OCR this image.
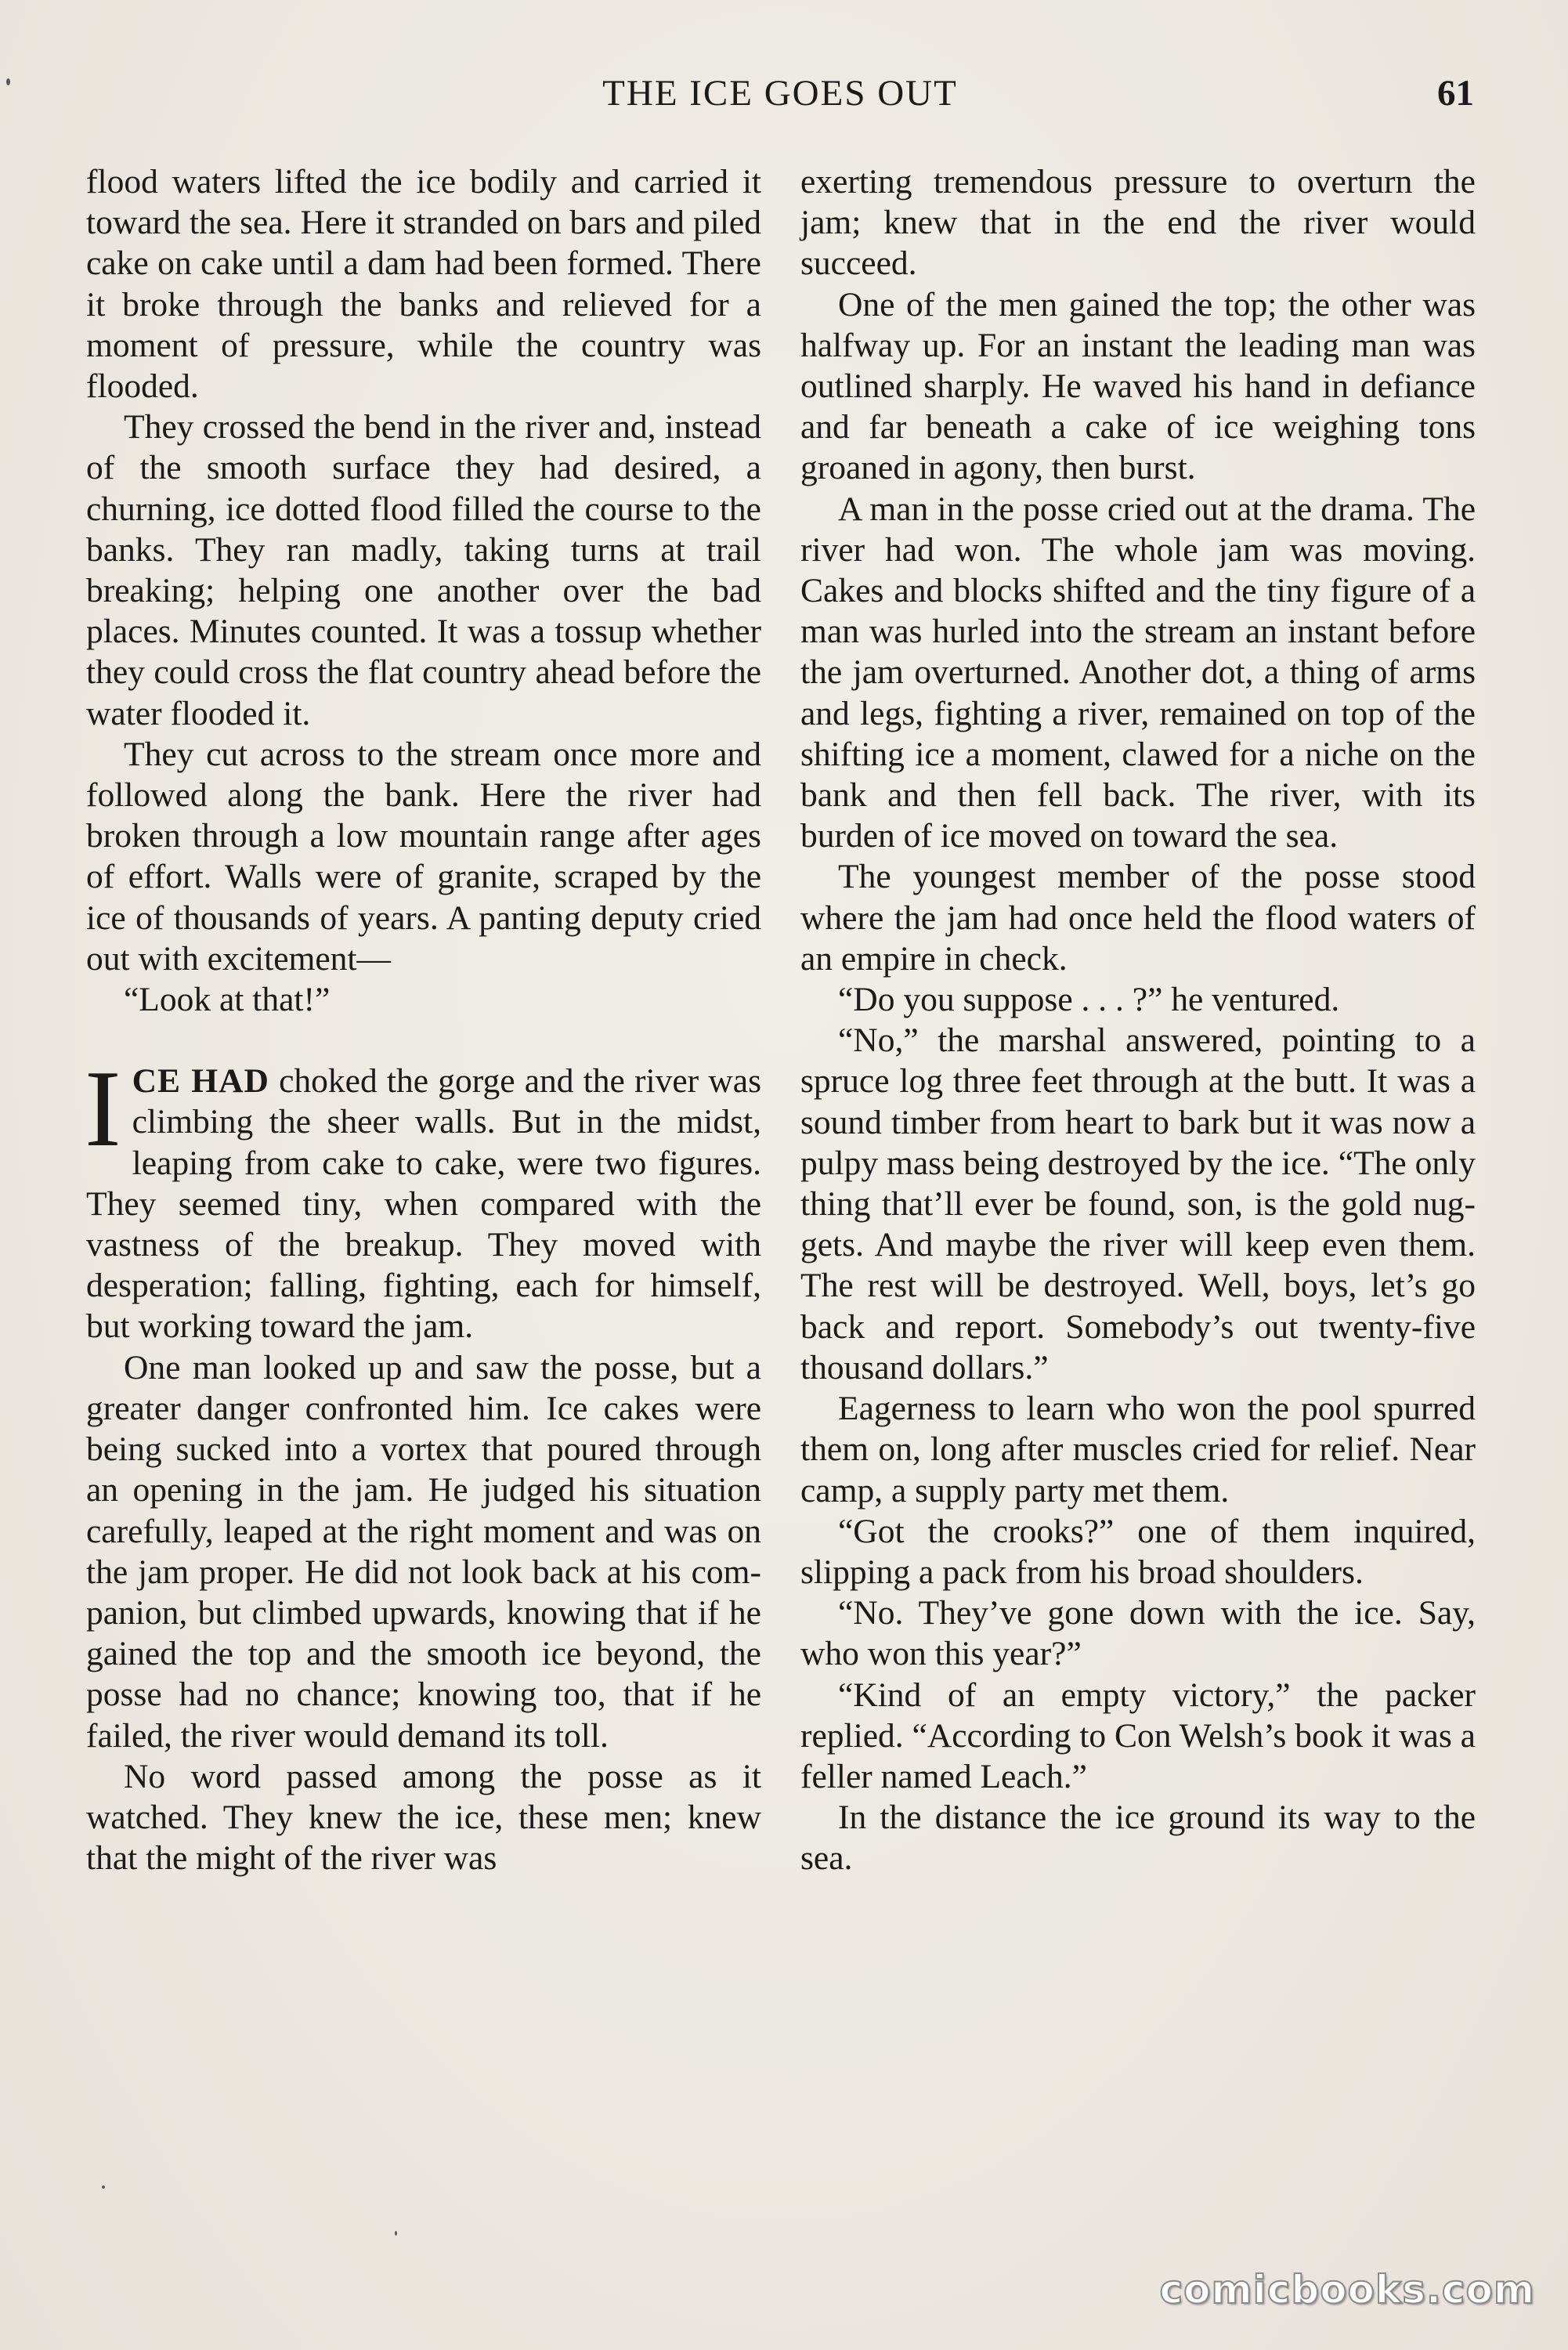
THE ICE GOES OUT	61

flood waters lifted the ice bodily and carried it toward the sea. Here it stranded on bars and piled cake on cake until a dam had been formed. There it broke through the banks and relieved for a moment of pressure, while the country was flooded.

They crossed the bend in the river and, instead of the smooth surface they had desired, a churning, ice dotted flood filled the course to the banks. They ran madly, taking turns at trail breaking; helping one another over the bad places. Minutes counted. It was a tossup whether they could cross the flat country ahead before the water flooded it.

They cut across to the stream once more and followed along the bank. Here the river had broken through a low mountain range after ages of effort. Walls were of granite, scraped by the ice of thousands of years. A panting deputy cried out with excitement—

“Look at that!”

ICE HAD choked the gorge and the river was climbing the sheer walls. But in the midst, leaping from cake to cake, were two figures. They seemed tiny, when compared with the vastness of the breakup. They moved with desperation; falling, fighting, each for himself, but working toward the jam.

One man looked up and saw the posse, but a greater danger confronted him. Ice cakes were being sucked into a vortex that poured through an opening in the jam. He judged his situation carefully, leaped at the right moment and was on the jam proper. He did not look back at his companion, but climbed upwards, knowing that if he gained the top and the smooth ice beyond, the posse had no chance; knowing too, that if he failed, the river would demand its toll.

No word passed among the posse as it watched. They knew the ice, these men; knew that the might of the river was

exerting tremendous pressure to overturn the jam; knew that in the end the river would succeed.

One of the men gained the top; the other was halfway up. For an instant the leading man was outlined sharply. He waved his hand in defiance and far beneath a cake of ice weighing tons groaned in agony, then burst.

A man in the posse cried out at the drama. The river had won. The whole jam was moving. Cakes and blocks shifted and the tiny figure of a man was hurled into the stream an instant before the jam overturned. Another dot, a thing of arms and legs, fighting a river, remained on top of the shifting ice a moment, clawed for a niche on the bank and then fell back. The river, with its burden of ice moved on toward the sea.

The youngest member of the posse stood where the jam had once held the flood waters of an empire in check.

“Do you suppose . . . ?” he ventured.

“No,” the marshal answered, pointing to a spruce log three feet through at the butt. It was a sound timber from heart to bark but it was now a pulpy mass being destroyed by the ice. “The only thing that’ll ever be found, son, is the gold nuggets. And maybe the river will keep even them. The rest will be destroyed. Well, boys, let’s go back and report. Somebody’s out twenty-five thousand dollars.”

Eagerness to learn who won the pool spurred them on, long after muscles cried for relief. Near camp, a supply party met them.

“Got the crooks?” one of them inquired, slipping a pack from his broad shoulders.

“No. They’ve gone down with the ice. Say, who won this year?”

“Kind of an empty victory,” the packer replied. “According to Con Welsh’s book it was a feller named Leach.”

In the distance the ice ground its way to the sea.

comicbooks.com
